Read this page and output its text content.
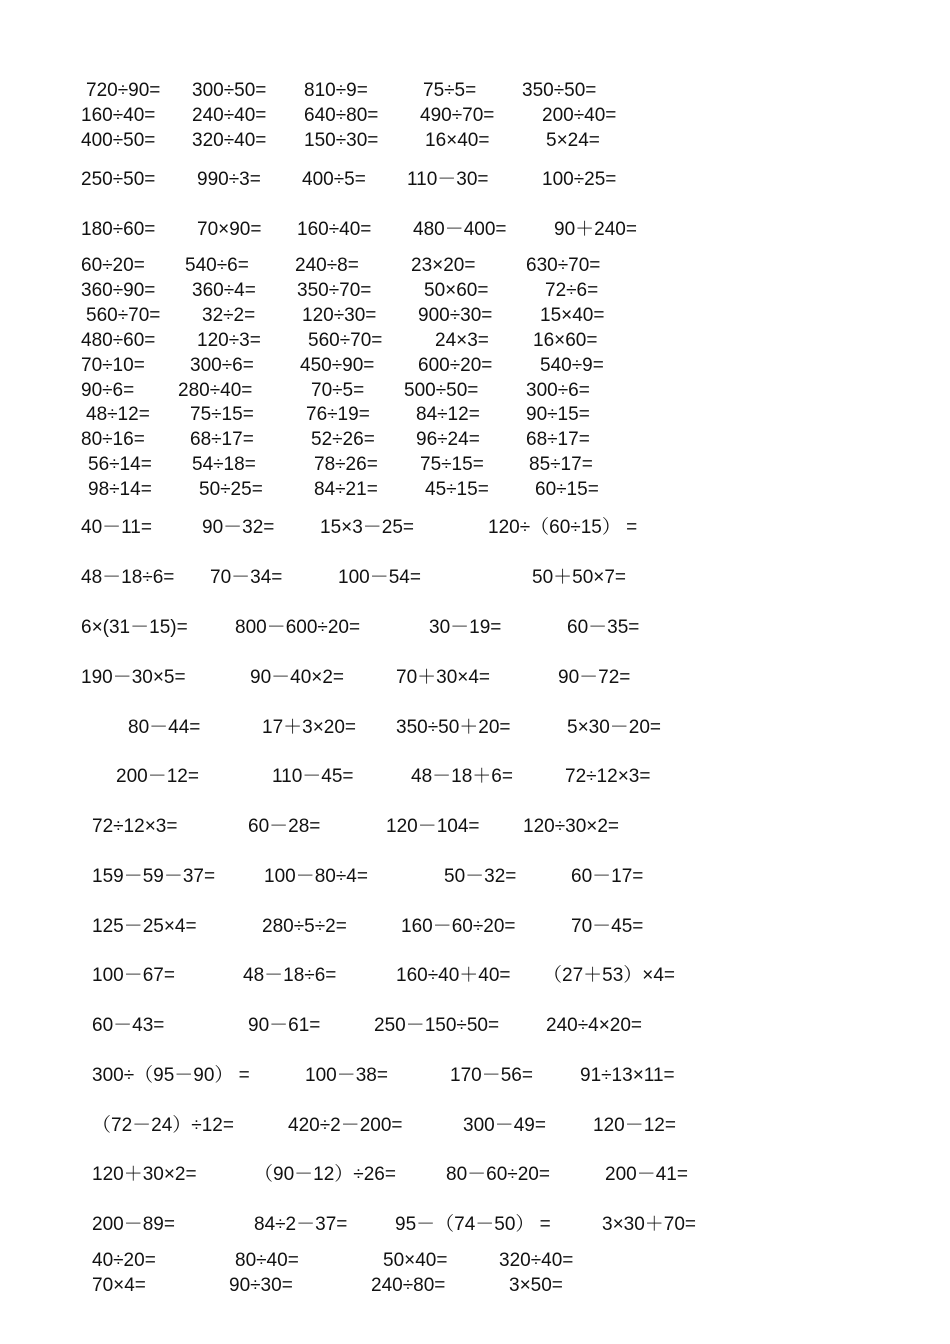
720÷90= 300÷50= 810÷9=	75÷5= 350÷50=
160÷40= 240÷40= 640÷80= 490÷70=	200÷40=
400÷50= 320÷40= 150÷30= 16×40=	5×24=
250÷50= 990÷3= 400÷5= 110－30=	100÷25=
180÷60= 70×90= 160÷40= 480－400=	90＋240=
60÷20= 540÷6= 240÷8=	23×20=	630÷70=
360÷90= 360÷4= 350÷70=	50×60=	72÷6=
560÷70= 32÷2= 120÷30= 900÷30=	15×40=
480÷60= 120÷3= 560÷70=	24×3= 16×60=
70÷10= 300÷6= 450÷90= 600÷20=	540÷9=
90÷6= 280÷40=	70÷5= 500÷50=	300÷6=
48÷12= 75÷15=	76÷19= 84÷12= 90÷15=
80÷16= 68÷17=	52÷26= 96÷24= 68÷17=
56÷14= 54÷18=	78÷26= 75÷15= 85÷17=
98÷14= 50÷25=	84÷21= 45÷15= 60÷15=
40－11=	90－32= 15×3－25=	120÷（60÷15） =
48－18÷6= 70－34=	100－54=	50＋50×7=
6×(31－15)= 800－600÷20=	30－19=	60－35=
190－30×5=	90－40×2=	70＋30×4=	90－72=
80－44=	17＋3×20= 350÷50＋20=	5×30－20=
200－12=	110－45=	48－18＋6=	72÷12×3=
72÷12×3=	60－28=	120－104= 120÷30×2=
159－59－37=	100－80÷4=	50－32=	60－17=
125－25×4=	280÷5÷2=	160－60÷20=	70－45=
100－67=	48－18÷6=	160÷40＋40= （27＋53）×4=
60－43=	90－61=	250－150÷50= 240÷4×20=
300÷（95－90） =	100－38=	170－56= 91÷13×11=
（72－24）÷12=	420÷2－200=	300－49= 120－12=
120＋30×2=	（90－12）÷26=	80－60÷20=	200－41=
200－89=	84÷2－37=	95－（74－50） =	3×30＋70=
40÷20=	80÷40=	50×40=	320÷40=
70×4=	90÷30=	240÷80=	3×50=
